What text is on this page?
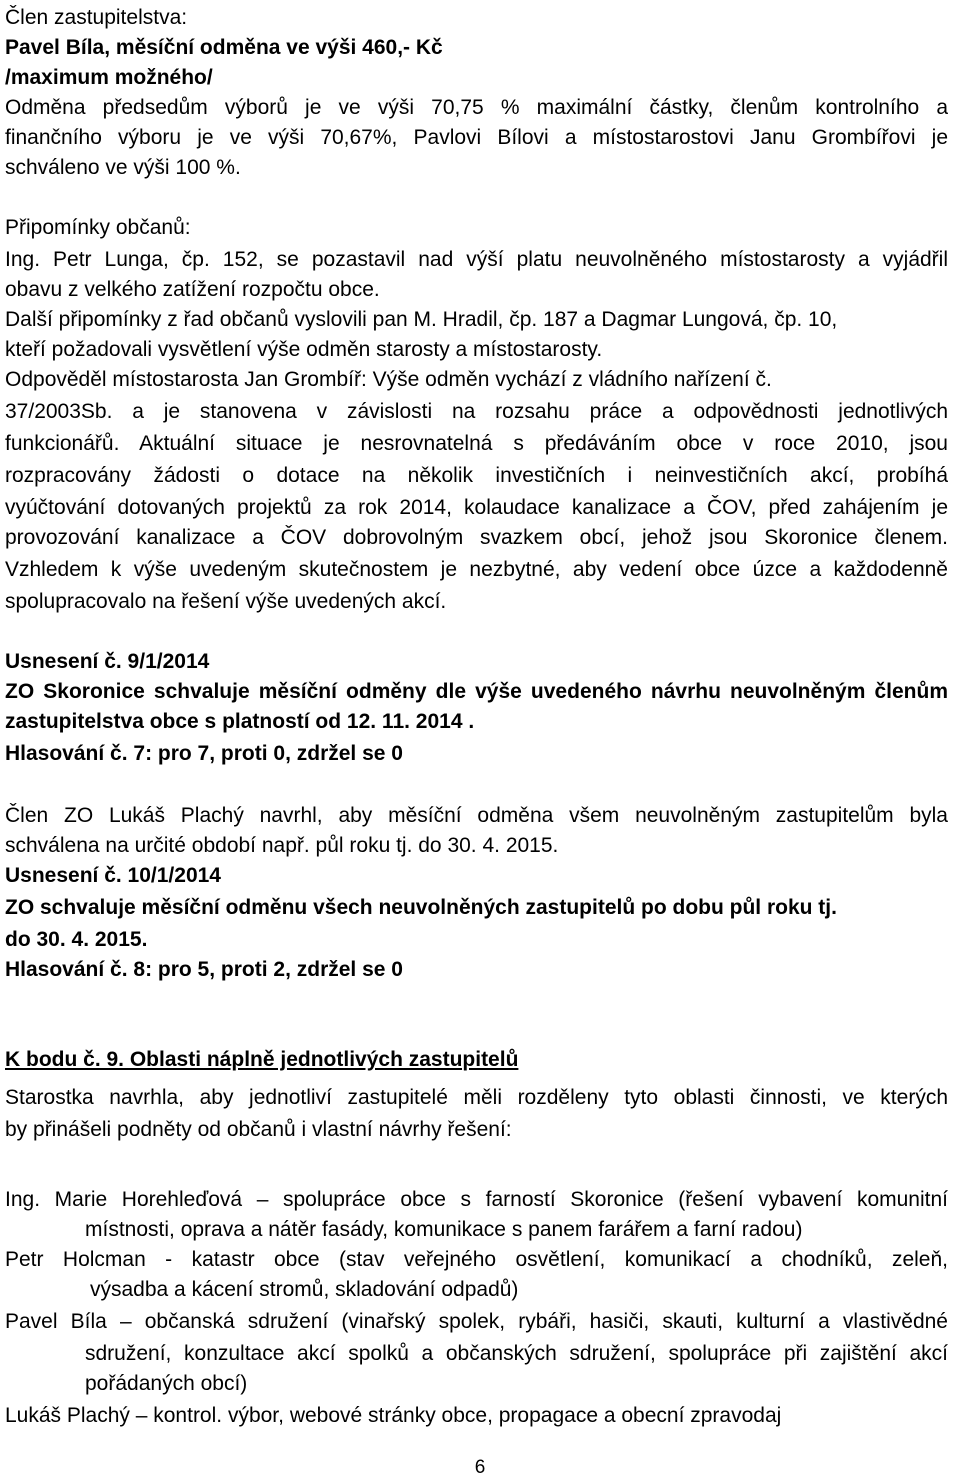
Člen zastupitelstva:
Pavel Bíla, měsíční odměna ve výši 460,- Kč
/maximum možného/
Odměna předsedům výborů je ve výši 70,75 % maximální částky, členům kontrolního a
finančního výboru je ve výši 70,67%, Pavlovi Bílovi a místostarostovi Janu Grombířovi je
schváleno ve výši 100 %.
Připomínky občanů:
Ing. Petr Lunga, čp. 152, se pozastavil nad výší platu neuvolněného místostarosty a vyjádřil
obavu z velkého zatížení rozpočtu obce.
Další připomínky z řad občanů vyslovili pan M. Hradil, čp. 187 a Dagmar Lungová, čp. 10,
kteří požadovali vysvětlení výše odměn starosty a místostarosty.
Odpověděl místostarosta Jan Grombíř: Výše odměn vychází z vládního nařízení č.
37/2003Sb. a je stanovena v závislosti na rozsahu práce a odpovědnosti jednotlivých
funkcionářů. Aktuální situace je nesrovnatelná s předáváním obce v roce 2010, jsou
rozpracovány žádosti o dotace na několik investičních i neinvestičních akcí, probíhá
vyúčtování dotovaných projektů za rok 2014, kolaudace kanalizace a ČOV, před zahájením je
provozování kanalizace a ČOV dobrovolným svazkem obcí, jehož jsou Skoronice členem.
Vzhledem k výše uvedeným skutečnostem je nezbytné, aby vedení obce úzce a každodenně
spolupracovalo na řešení výše uvedených akcí.
Usnesení č. 9/1/2014
ZO Skoronice schvaluje měsíční odměny dle výše uvedeného návrhu neuvolněným členům
zastupitelstva obce s platností od 12. 11. 2014 .
Hlasování č. 7: pro 7, proti 0, zdržel se 0
Člen ZO Lukáš Plachý navrhl, aby měsíční odměna všem neuvolněným zastupitelům byla
schválena na určité období např. půl roku tj. do 30. 4. 2015.
Usnesení č. 10/1/2014
ZO schvaluje měsíční odměnu všech neuvolněných zastupitelů po dobu půl roku tj.
do 30. 4. 2015.
Hlasování č. 8: pro 5, proti 2, zdržel se 0
K bodu č. 9. Oblasti náplně jednotlivých zastupitelů
Starostka navrhla, aby jednotliví zastupitelé měli rozděleny tyto oblasti činnosti, ve kterých
by přinášeli podněty od občanů i vlastní návrhy řešení:
Ing. Marie Horehleďová – spolupráce obce s farností Skoronice (řešení vybavení komunitní
místnosti, oprava a nátěr fasády, komunikace s panem farářem a farní radou)
Petr Holcman - katastr obce (stav veřejného osvětlení, komunikací a chodníků, zeleň,
výsadba a kácení stromů, skladování odpadů)
Pavel Bíla – občanská sdružení (vinařský spolek, rybáři, hasiči, skauti, kulturní a vlastivědné
sdružení, konzultace akcí spolků a občanských sdružení, spolupráce při zajištění akcí
pořádaných obcí)
Lukáš Plachý – kontrol. výbor, webové stránky obce, propagace a obecní zpravodaj
6
